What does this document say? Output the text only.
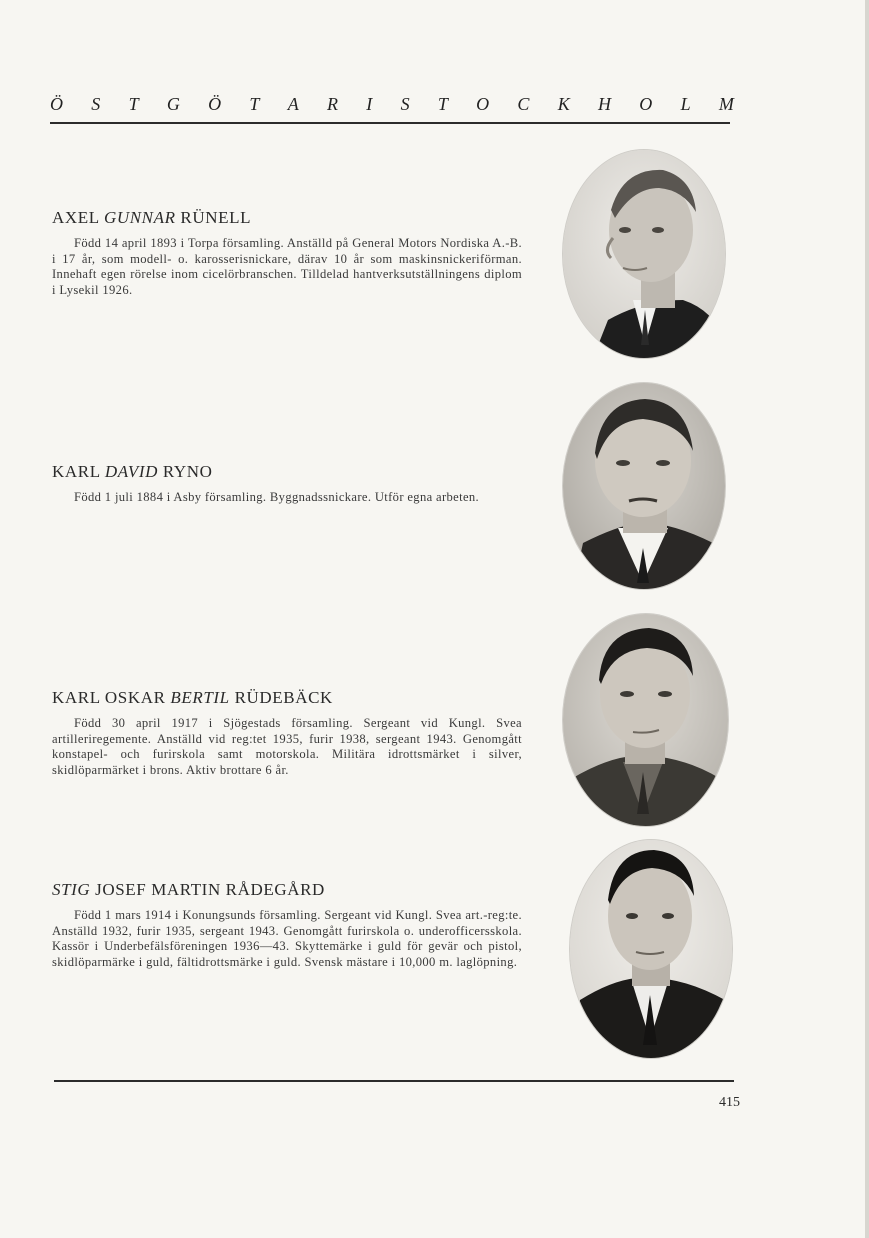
Ö S T G Ö T A R I S T O C K H O L M
AXEL GUNNAR RÜNELL

Född 14 april 1893 i Torpa församling. Anställd på General Motors Nordiska A.-B. i 17 år, som modell- o. karosserisnickare, därav 10 år som maskinsnickeriförman. Innehaft egen rörelse inom cicelörbranschen. Tilldelad hantverksutställningens diplom i Lysekil 1926.

KARL DAVID RYNO

Född 1 juli 1884 i Asby församling. Byggnadssnickare. Utför egna arbeten.

KARL OSKAR BERTIL RÜDEBÄCK

Född 30 april 1917 i Sjögestads församling. Sergeant vid Kungl. Svea artilleriregemente. Anställd vid reg:tet 1935, furir 1938, sergeant 1943. Genomgått konstapel- och furirskola samt motorskola. Militära idrottsmärket i silver, skidlöparmärket i brons. Aktiv brottare 6 år.

STIG JOSEF MARTIN RÅDEGÅRD

Född 1 mars 1914 i Konungsunds församling. Sergeant vid Kungl. Svea art.-reg:te. Anställd 1932, furir 1935, sergeant 1943. Genomgått furirskola o. underofficersskola. Kassör i Underbefälsföreningen 1936—43. Skyttemärke i guld för gevär och pistol, skidlöparmärke i guld, fältidrottsmärke i guld. Svensk mästare i 10,000 m. laglöpning.

415
